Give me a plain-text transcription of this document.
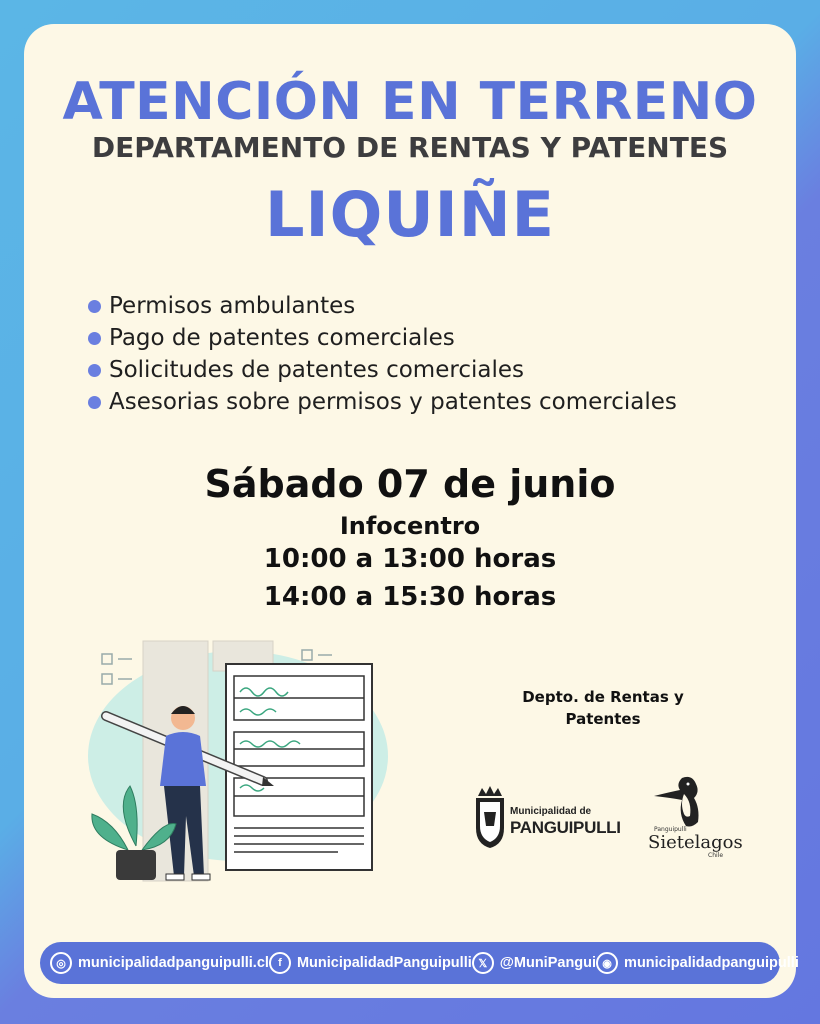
ATENCIÓN EN TERRENO
DEPARTAMENTO DE RENTAS Y PATENTES
LIQUIÑE
Permisos ambulantes
Pago de patentes comerciales
Solicitudes de patentes comerciales
Asesorias sobre permisos y patentes comerciales
Sábado 07 de junio
Infocentro
10:00 a 13:00 horas
14:00 a 15:30 horas
Depto. de Rentas y
Patentes
Municipalidad de
PANGUIPULLI	Panguipulli
Sietelagos
Chile
◎ municipalidadpanguipulli.cl f	MunicipalidadPanguipulli 𝕏 @MuniPangui ◉ municipalidadpanguipulli
